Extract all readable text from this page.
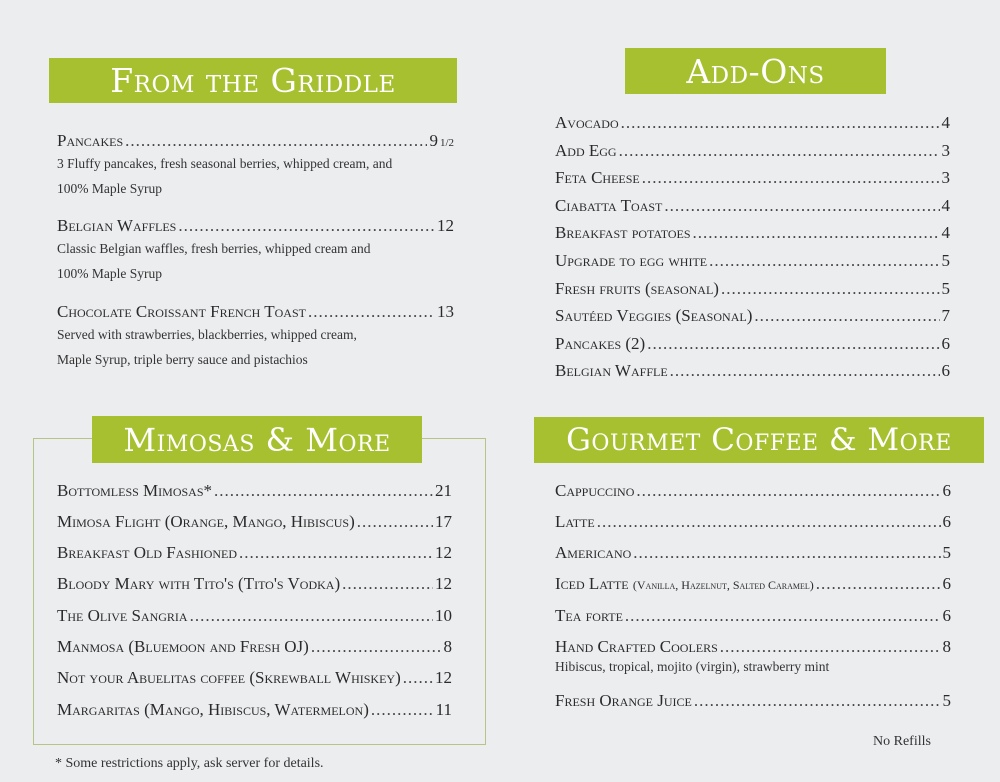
From the Griddle	Add-Ons
Mimosas & More	Gourmet Coffee & More
Pancakes .....	9 1/2
3 Fluffy pancakes, fresh seasonal berries, whipped cream, and
100% Maple Syrup
Belgian Waffles .....	12
Classic Belgian waffles, fresh berries, whipped cream and
100% Maple Syrup
Chocolate Croissant French Toast .....	13
Served with strawberries, blackberries, whipped cream,
Maple Syrup, triple berry sauce and pistachios
Avocado .....	4
Add Egg .....	3
Feta Cheese .....	3
Ciabatta Toast .....	4
Breakfast potatoes .....	4
Upgrade to egg white .....	5
Fresh fruits (seasonal) .....	5
Sautéed Veggies (Seasonal) .....	7
Pancakes (2) .....	6
Belgian Waffle .....	6
Bottomless Mimosas* .....	21
Mimosa Flight (Orange, Mango, Hibiscus) .....	17
Breakfast Old Fashioned .....	12
Bloody Mary with Tito's (Tito's Vodka) .....	12
The Olive Sangria .....	10
Manmosa (Bluemoon and Fresh OJ) .....	8
Not your Abuelitas coffee (Skrewball Whiskey) ..... 12
Margaritas (Mango, Hibiscus, Watermelon) .....	11
Cappuccino .....	6
Latte .....	6
Americano .....	5
Iced Latte (Vanilla, Hazelnut, Salted Caramel) .....	6
Tea forte .....	6
Hand Crafted Coolers .....	8
Hibiscus, tropical, mojito (virgin), strawberry mint
Fresh Orange Juice .....	5
No Refills
* Some restrictions apply, ask server for details.
